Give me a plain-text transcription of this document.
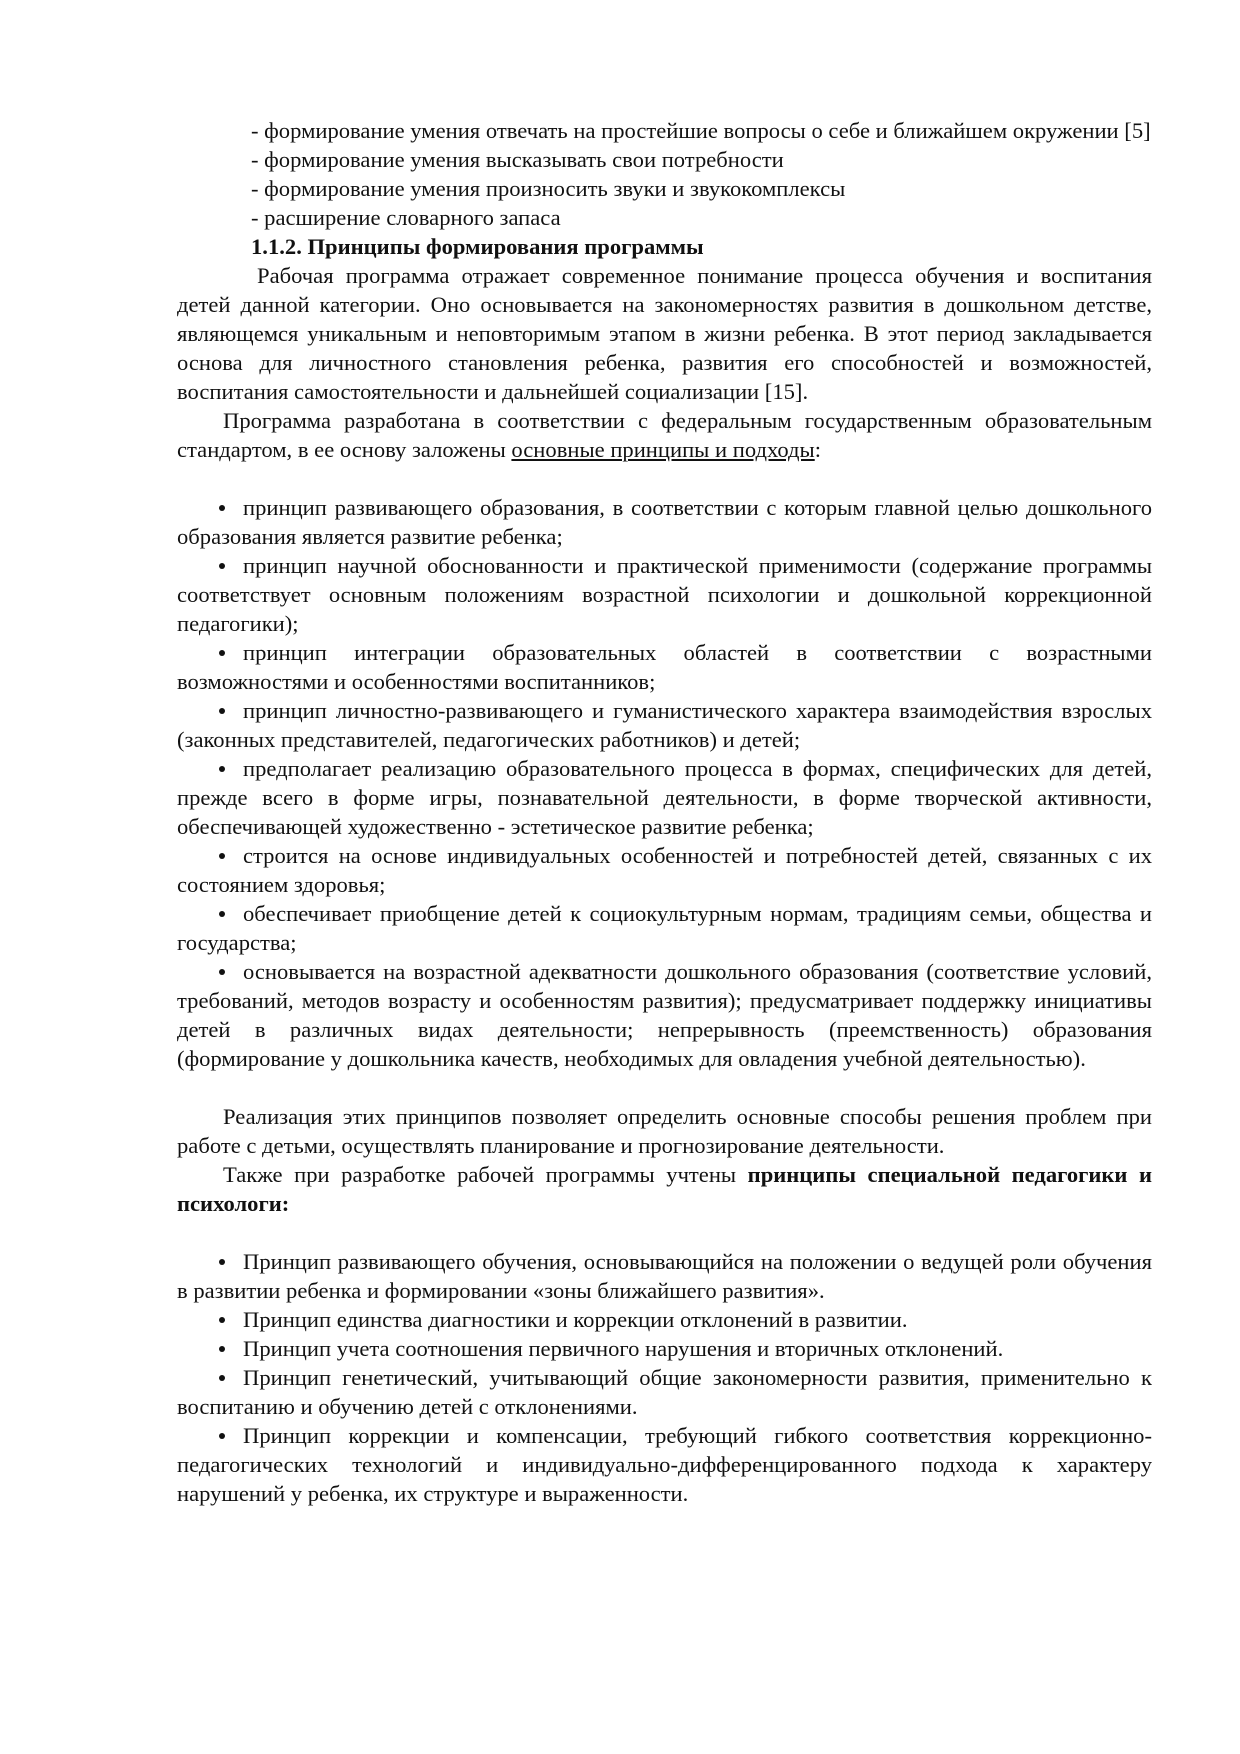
- формирование умения отвечать на простейшие вопросы о себе и ближайшем окружении [5]

- формирование умения высказывать свои потребности

- формирование умения произносить звуки и звукокомплексы

- расширение словарного запаса

1.1.2. Принципы формирования программы

Рабочая программа отражает современное понимание процесса обучения и воспитания детей данной категории. Оно основывается на закономерностях развития в дошкольном детстве, являющемся уникальным и неповторимым этапом в жизни ребенка. В этот период закладывается основа для личностного становления ребенка, развития его способностей и возможностей, воспитания самостоятельности и дальнейшей социализации [15].

Программа разработана в соответствии с федеральным государственным образовательным стандартом, в ее основу заложены основные принципы и подходы:

принцип развивающего образования, в соответствии с которым главной целью дошкольного образования является развитие ребенка;

принцип научной обоснованности и практической применимости (содержание программы соответствует основным положениям возрастной психологии и дошкольной коррекционной педагогики);

принцип интеграции образовательных областей в соответствии с возрастными возможностями и особенностями воспитанников;

принцип личностно-развивающего и гуманистического характера взаимодействия взрослых (законных представителей, педагогических работников) и детей;

предполагает реализацию образовательного процесса в формах, специфических для детей, прежде всего в форме игры, познавательной деятельности, в форме творческой активности, обеспечивающей художественно - эстетическое развитие ребенка;

строится на основе индивидуальных особенностей и потребностей детей, связанных с их состоянием здоровья;

обеспечивает приобщение детей к социокультурным нормам, традициям семьи, общества и государства;

основывается на возрастной адекватности дошкольного образования (соответствие условий, требований, методов возрасту и особенностям развития); предусматривает поддержку инициативы детей в различных видах деятельности; непрерывность (преемственность) образования (формирование у дошкольника качеств, необходимых для овладения учебной деятельностью).

Реализация этих принципов позволяет определить основные способы решения проблем при работе с детьми, осуществлять планирование и прогнозирование деятельности.

Также при разработке рабочей программы учтены принципы специальной педагогики и психологи:

Принцип развивающего обучения, основывающийся на положении о ведущей роли обучения в развитии ребенка и формировании «зоны ближайшего развития».

Принцип единства диагностики и коррекции отклонений в развитии.

Принцип учета соотношения первичного нарушения и вторичных отклонений.

Принцип генетический, учитывающий общие закономерности развития, применительно к воспитанию и обучению детей с отклонениями.

Принцип коррекции и компенсации, требующий гибкого соответствия коррекционно-педагогических технологий и индивидуально-дифференцированного подхода к характеру нарушений у ребенка, их структуре и выраженности.
